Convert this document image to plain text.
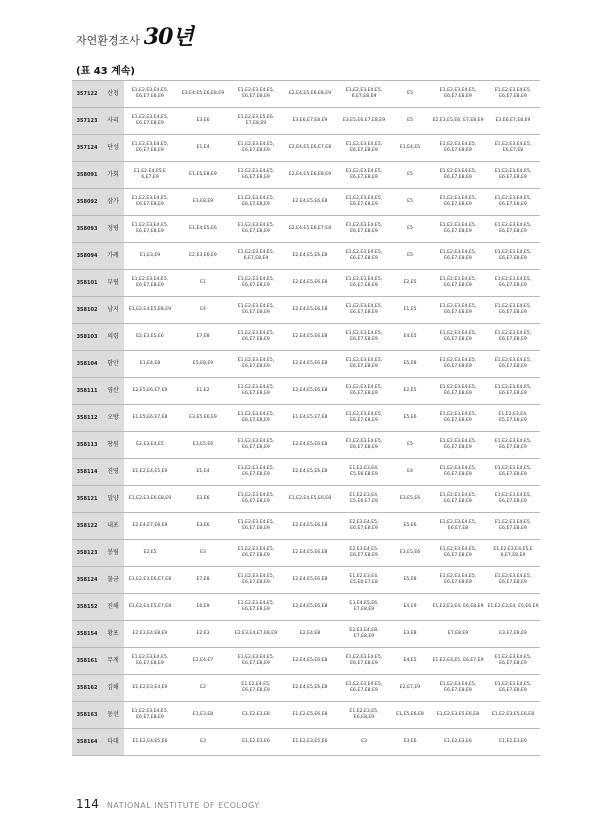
자연환경조사 30년
(표 43 계속)
357122	산청	E1,E2,E3,E4,E5, E6,E7,E8,E9	E3,E4,E5,E6,E8,E9	E1,E2,E3,E4,E5, E6,E7,E8,E9	E2,E4,E5,E6,E8,E9	E1,E2,E3,E4,E5, 6,E7,E8,E9	E5	E1,E2,E3,E4,E5, E6,E7,E8,E9	E1,E2,E3,E4,E5, E6,E7,E8,E9
357123	사리	E1,E2,E3,E4,E5, E6,E7,E8,E9	E3,E6	E1,E2,E3,E5,E6, E7,E8,E9	E3,E6,E7,E8,E9	E3,E5,E6,E7,E8,E9	E5	E2,E3,E5,E6, E7,E8,E9	E3,E6,E7,E8,E9
357124	단성	E1,E2,E3,E4,E5, E6,E7,E8,E9	E1,E4	E1,E2,E3,E4,E5, E6,E7,E8,E9	E2,E4,E5,E6,E7,E8	E1,E2,E3,E4,E5, E6,E7,E8,E9	E1,E4,E5	E1,E2,E3,E4,E5, E6,E7,E8,E9	E1,E2,E3,E4,E5, E6,E7,E8
358091	가회	E1,E2,E4,E5,E 6,E7,E9	E1,E5,E8,E9	E1,E2,E3,E4,E5, E6,E7,E8,E9	E2,E4,E5,E6,E8,E9	E1,E2,E3,E4,E5, E6,E7,E8,E9	E5	E1,E2,E3,E4,E5, E6,E7,E8,E9	E1,E2,E3,E4,E5, E6,E7,E8,E9
358092	삼가	E1,E2,E3,E4,E5, E6,E7,E8,E9	E3,E8,E9	E1,E2,E3,E4,E5, E6,E7,E8,E9	E2,E4,E5,E6,E8	E1,E2,E3,E4,E5, E6,E7,E8,E9	E5	E1,E2,E3,E4,E5, E6,E7,E8,E9	E1,E2,E3,E4,E5, E6,E7,E8,E9
358093	정평	E1,E2,E3,E4,E5, E6,E7,E8,E9	E1,E4,E5,E6	E1,E2,E3,E4,E5, E6,E7,E8,E9	E2,E4,E5,E6,E7,E8	E1,E2,E3,E4,E5, E6,E7,E8,E9	E5	E1,E2,E3,E4,E5, E6,E7,E8,E9	E1,E2,E3,E4,E5, E6,E7,E8,E9
358094	가례	E1,E3,E9	E2,E3,E6,E9	E1,E2,E3,E4,E5, 6,E7,E8,E9	E2,E4,E5,E6,E8	E1,E2,E3,E4,E5, E6,E7,E8,E9	E5	E1,E2,E3,E4,E5, E6,E7,E8,E9	E1,E2,E3,E4,E5, E6,E7,E8,E9
358101	부림	E1,E2,E3,E4,E5, E6,E7,E8,E9	E1	E1,E2,E3,E4,E5, E6,E7,E8,E9	E2,E4,E5,E6,E8	E1,E2,E3,E4,E5, E6,E7,E8,E9	E2,E5	E1,E2,E3,E4,E5, E6,E7,E8,E9	E1,E2,E3,E4,E5, E6,E7,E8,E9
358102	남지	E1,E2,E4,E5,E8,E9	E4	E1,E2,E3,E4,E5, E6,E7,E8,E9	E2,E4,E5,E6,E8	E1,E2,E3,E4,E5, E6,E7,E8,E9	E1,E5	E1,E2,E3,E4,E5, E6,E7,E8,E9	E1,E2,E3,E4,E5, E6,E7,E8,E9
358103	의령	E2,E3,E5,E6	E7,E8	E1,E2,E3,E4,E5, E6,E7,E8,E9	E2,E4,E5,E6,E8	E1,E2,E3,E4,E5, E6,E7,E8,E9	E4,E5	E1,E2,E3,E4,E5, E6,E7,E8,E9	E1,E2,E3,E4,E5, E6,E7,E8,E9
358104	함안	E1,E4,E8	E5,E8,E9	E1,E2,E3,E4,E5, E6,E7,E8,E9	E2,E4,E5,E6,E8	E1,E2,E3,E4,E5, E6,E7,E8,E9	E5,E8	E1,E2,E3,E4,E5, E6,E7,E8,E9	E1,E2,E3,E4,E5, E6,E7,E8,E9
358111	영산	E2,E5,E6,E7,E9	E1,E2	E1,E2,E3,E4,E5, E6,E7,E8,E9	E2,E4,E5,E6,E8	E1,E2,E3,E4,E5, E6,E7,E8,E9	E2,E5	E1,E2,E3,E4,E5, E6,E7,E8,E9	E1,E2,E3,E4,E5, E6,E7,E8,E9
358112	오방	E1,E5,E6,E7,E8	E3,E5,E6,E9	E1,E2,E3,E4,E5, E6,E7,E8,E9	E1,E4,E5,E7,E8	E1,E2,E3,E4,E5, E6,E7,E8,E9	E5,E6	E1,E2,E3,E4,E5, E6,E7,E8,E9	E1,E2,E3,E4, E5,E7,E8,E9
358113	창원	E2,E3,E4,E5	E3,E5,E6	E1,E2,E3,E4,E5, E6,E7,E8,E9	E2,E4,E5,E6,E8	E1,E2,E3,E4,E5, E6,E7,E8,E9	E5	E1,E2,E3,E4,E5, E6,E7,E8,E9	E1,E2,E3,E4,E5, E6,E7,E8,E9
358114	진영	E1,E2,E4,E5,E9	E1,E4	E1,E2,E3,E4,E5, E6,E7,E8,E9	E2,E4,E5,E6,E8	E1,E2,E3,E4, E5,E6,E8,E9	E4	E1,E2,E3,E4,E5, E6,E7,E8,E9	E1,E2,E3,E4,E5, E6,E7,E8,E9
358121	밀양	E1,E2,E3,E6,E8,E9	E3,E6	E1,E2,E3,E4,E5, E6,E7,E8,E9	E1,E2,E4,E5,E6,E8	E1,E2,E3,E4, E5,E6,E7,E9	E3,E5,E6	E1,E2,E3,E4,E5, E6,E7,E8,E9	E1,E2,E3,E4,E5, E6,E7,E8,E9
358122	내포	E2,E4,E7,E8,E9	E3,E6	E1,E2,E3,E4,E5, E6,E7,E8,E9	E2,E4,E5,E6,E8	E2,E3,E4,E5, E6,E7,E8,E9	E5,E6	E1,E2,E3,E4,E5, E6,E7,E8	E1,E2,E3,E4,E5, E6,E7,E8,E9
358123	봉림	E2,E5	E3	E1,E2,E3,E4,E5, E6,E7,E8,E9	E2,E4,E5,E6,E8	E2,E3,E4,E5, E6,E7,E8,E9	E3,E5,E6	E1,E2,E3,E4,E5, E6,E7,E8,E9	E1,E2,E3,E4,E5,E 6,E7,E8,E9
358124	물금	E1,E2,E3,E6,E7,E8	E7,E8	E1,E2,E3,E4,E5, E6,E7,E8,E9	E2,E4,E5,E6,E8	E1,E2,E3,E4, E5,E6,E7,E8	E5,E8	E1,E2,E3,E4,E5, E6,E7,E8,E9	E1,E2,E3,E4,E5, E6,E7,E8,E9
358152	진해	E1,E2,E4,E5,E7,E8	E6,E9	E1,E2,E3,E4,E5, E6,E7,E8,E9	E2,E4,E5,E6,E8	E3,E4,E5,E6, E7,E8,E9	E4,E9	E1,E2,E3,E4, E6,E8,E9	E1,E2,E3,E4, E5,E6,E9
358154	황포	E2,E3,E4,E8,E9	E2,E3	E2,E3,E4,E7,E8,E9	E2,E4,E8	E2,E3,E4,E8, E7,E8,E9	E3,E8	E7,E8,E9	E3,E7,E8,E9
358161	무계	E1,E2,E3,E4,E5, E6,E7,E8,E9	E2,E4,E7	E1,E2,E3,E4,E5, E6,E7,E8,E9	E2,E4,E5,E6,E8	E1,E2,E3,E4,E5, E6,E7,E8,E9	E4,E5	E1,E2,E4,E5, E6,E7,E9	E1,E2,E3,E4,E5, E6,E7,E8,E9
358162	김해	E1,E2,E3,E4,E9	E2	E1,E2,E4,E5, E6,E7,E8,E9	E2,E4,E5,E6,E8	E1,E2,E3,E4,E5, E6,E7,E8,E9	E2,E7,E9	E1,E2,E3,E4,E5, E6,E7,E8,E9	E1,E2,E3,E4,E5, E6,E7,E8,E9
358163	동선	E1,E2,E3,E4,E5, E6,E7,E8,E9	E1,E3,E8	E1,E2,E3,E8	E1,E2,E5,E6,E8	E1,E2,E3,E5, E6,E8,E9	E1,E5,E6,E8	E1,E2,E3,E5,E6,E8	E1,E2,E3,E5,E6,E8
358164	다대	E1,E2,E4,E5,E6	E3	E1,E2,E3,E6	E1,E2,E3,E5,E6	E3	E3,E6	E1,E2,E3,E6	E1,E2,E3,E6
114 NATIONAL INSTITUTE OF ECOLOGY
